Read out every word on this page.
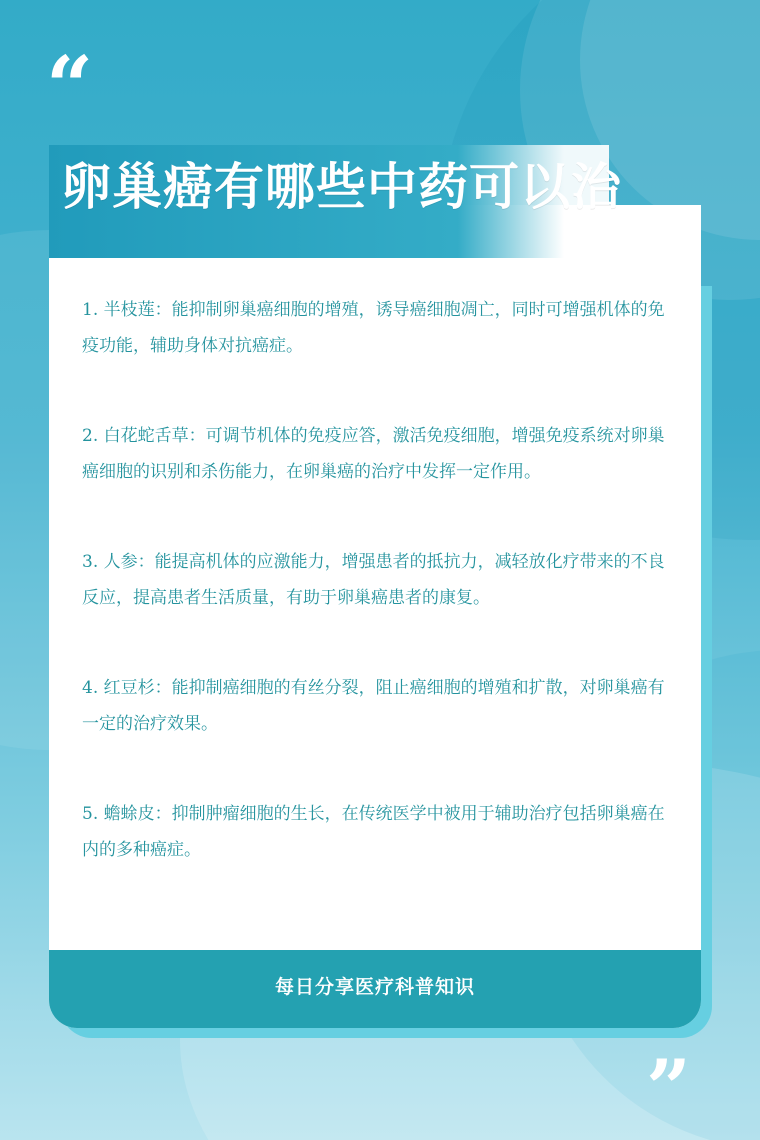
“
卵巢癌有哪些中药可以治

1. 半枝莲：能抑制卵巢癌细胞的增殖，诱导癌细胞凋亡，同时可增强机体的免疫功能，辅助身体对抗癌症。

2. 白花蛇舌草：可调节机体的免疫应答，激活免疫细胞，增强免疫系统对卵巢癌细胞的识别和杀伤能力，在卵巢癌的治疗中发挥一定作用。

3. 人参：能提高机体的应激能力，增强患者的抵抗力，减轻放化疗带来的不良反应，提高患者生活质量，有助于卵巢癌患者的康复。

4. 红豆杉：能抑制癌细胞的有丝分裂，阻止癌细胞的增殖和扩散，对卵巢癌有一定的治疗效果。

5. 蟾蜍皮：抑制肿瘤细胞的生长，在传统医学中被用于辅助治疗包括卵巢癌在内的多种癌症。

每日分享医疗科普知识
”
